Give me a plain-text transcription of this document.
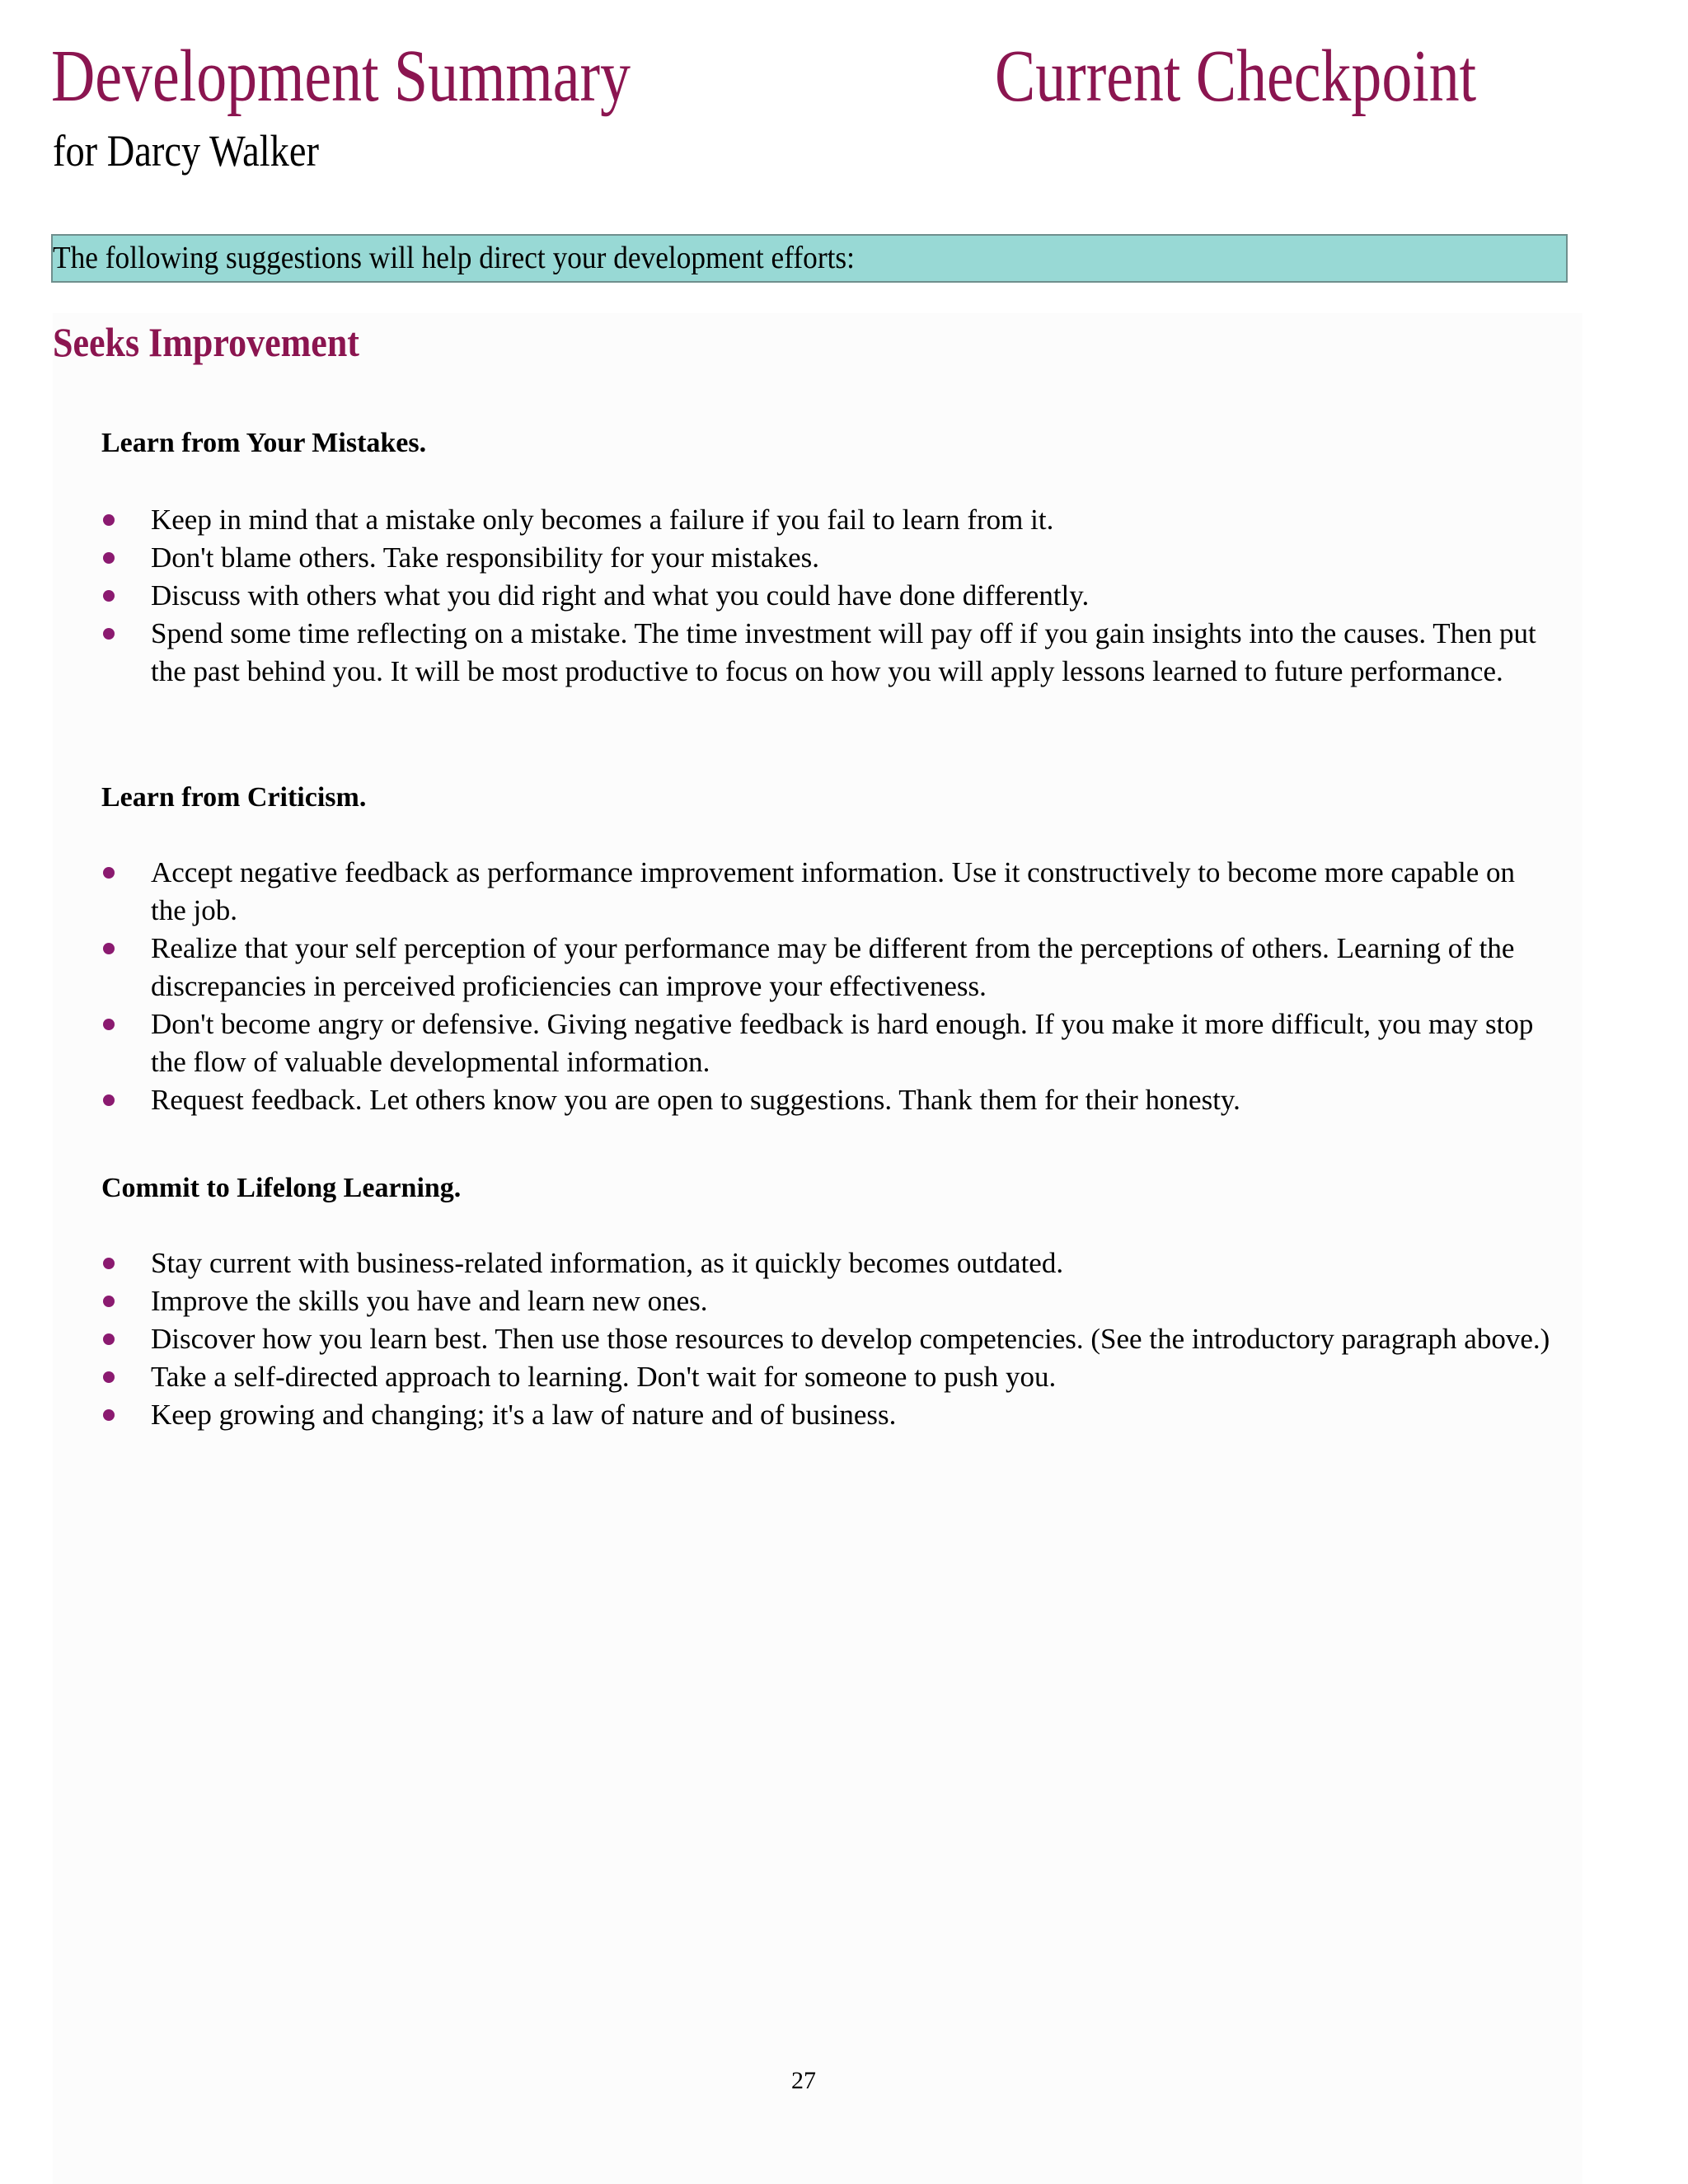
Development Summary	Current Checkpoint
for Darcy Walker
The following suggestions will help direct your development efforts:
Seeks Improvement
Learn from Your Mistakes.
Keep in mind that a mistake only becomes a failure if you fail to learn from it.
Don't blame others. Take responsibility for your mistakes.
Discuss with others what you did right and what you could have done differently.
Spend some time reflecting on a mistake. The time investment will pay off if you gain insights into the causes. Then put the past behind you. It will be most productive to focus on how you will apply lessons learned to future performance.
Learn from Criticism.
Accept negative feedback as performance improvement information. Use it constructively to become more capable on the job.
Realize that your self perception of your performance may be different from the perceptions of others. Learning of the discrepancies in perceived proficiencies can improve your effectiveness.
Don't become angry or defensive. Giving negative feedback is hard enough. If you make it more difficult, you may stop the flow of valuable developmental information.
Request feedback. Let others know you are open to suggestions. Thank them for their honesty.
Commit to Lifelong Learning.
Stay current with business-related information, as it quickly becomes outdated.
Improve the skills you have and learn new ones.
Discover how you learn best. Then use those resources to develop competencies. (See the introductory paragraph above.)
Take a self-directed approach to learning. Don't wait for someone to push you.
Keep growing and changing; it's a law of nature and of business.
27
